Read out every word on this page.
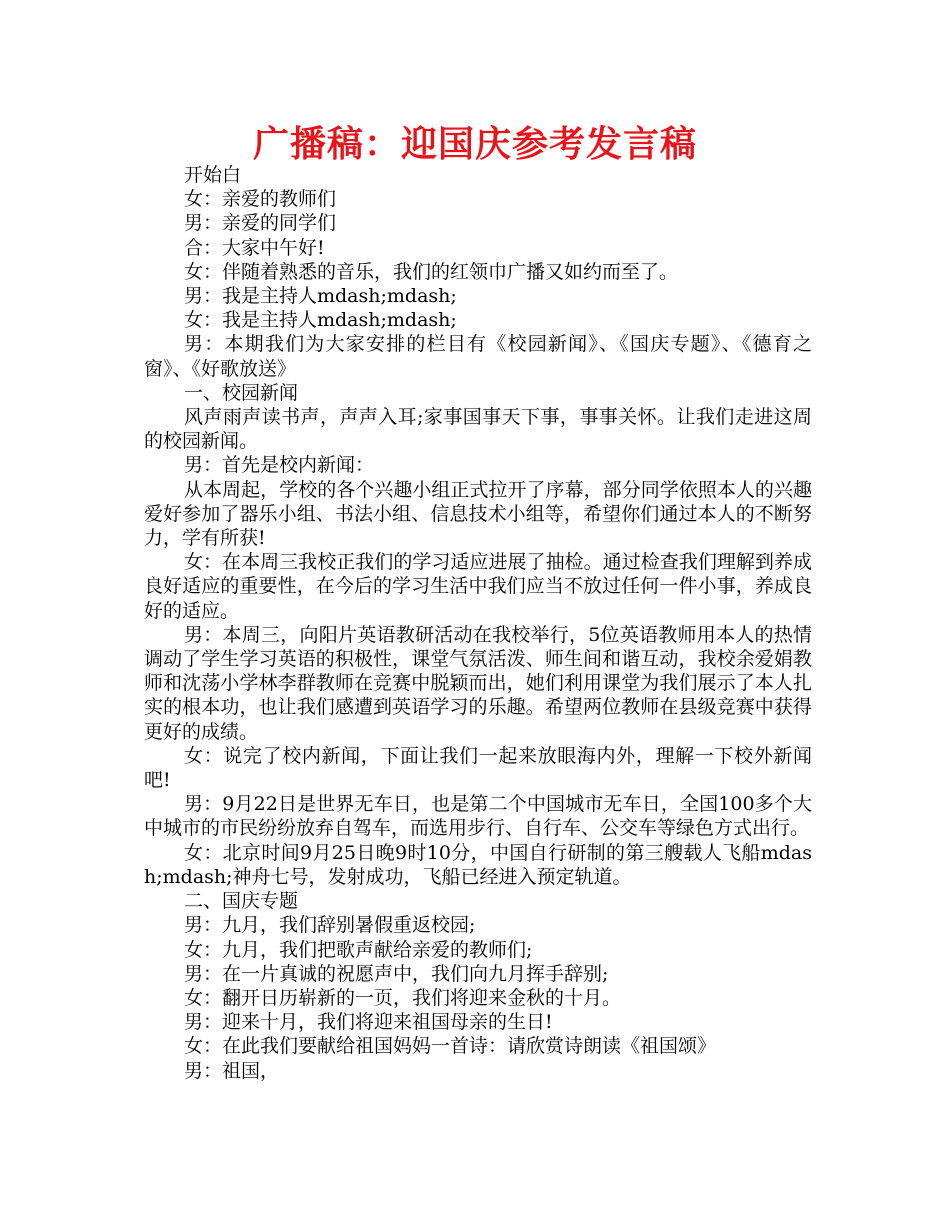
广播稿：迎国庆参考发言稿

开始白

女：亲爱的教师们

男：亲爱的同学们

合：大家中午好!

女：伴随着熟悉的音乐，我们的红领巾广播又如约而至了。

男：我是主持人mdash;mdash;

女：我是主持人mdash;mdash;

男：本期我们为大家安排的栏目有《校园新闻》、《国庆专题》、《德育之窗》、《好歌放送》

一、校园新闻

风声雨声读书声，声声入耳;家事国事天下事，事事关怀。让我们走进这周的校园新闻。

男：首先是校内新闻：

从本周起，学校的各个兴趣小组正式拉开了序幕，部分同学依照本人的兴趣爱好参加了器乐小组、书法小组、信息技术小组等，希望你们通过本人的不断努力，学有所获!

女：在本周三我校正我们的学习适应进展了抽检。通过检查我们理解到养成良好适应的重要性，在今后的学习生活中我们应当不放过任何一件小事，养成良好的适应。

男：本周三，向阳片英语教研活动在我校举行，5位英语教师用本人的热情调动了学生学习英语的积极性，课堂气氛活泼、师生间和谐互动，我校余爱娟教师和沈荡小学林李群教师在竞赛中脱颖而出，她们利用课堂为我们展示了本人扎实的根本功，也让我们感遭到英语学习的乐趣。希望两位教师在县级竞赛中获得更好的成绩。

女：说完了校内新闻，下面让我们一起来放眼海内外，理解一下校外新闻吧!

男：9月22日是世界无车日，也是第二个中国城市无车日，全国100多个大中城市的市民纷纷放弃自驾车，而选用步行、自行车、公交车等绿色方式出行。

女：北京时间9月25日晚9时10分，中国自行研制的第三艘载人飞船mdash;mdash;神舟七号，发射成功，飞船已经进入预定轨道。

二、国庆专题

男：九月，我们辞别暑假重返校园;

女：九月，我们把歌声献给亲爱的教师们;

男：在一片真诚的祝愿声中，我们向九月挥手辞别;

女：翻开日历崭新的一页，我们将迎来金秋的十月。

男：迎来十月，我们将迎来祖国母亲的生日!

女：在此我们要献给祖国妈妈一首诗：请欣赏诗朗读《祖国颂》

男：祖国，
